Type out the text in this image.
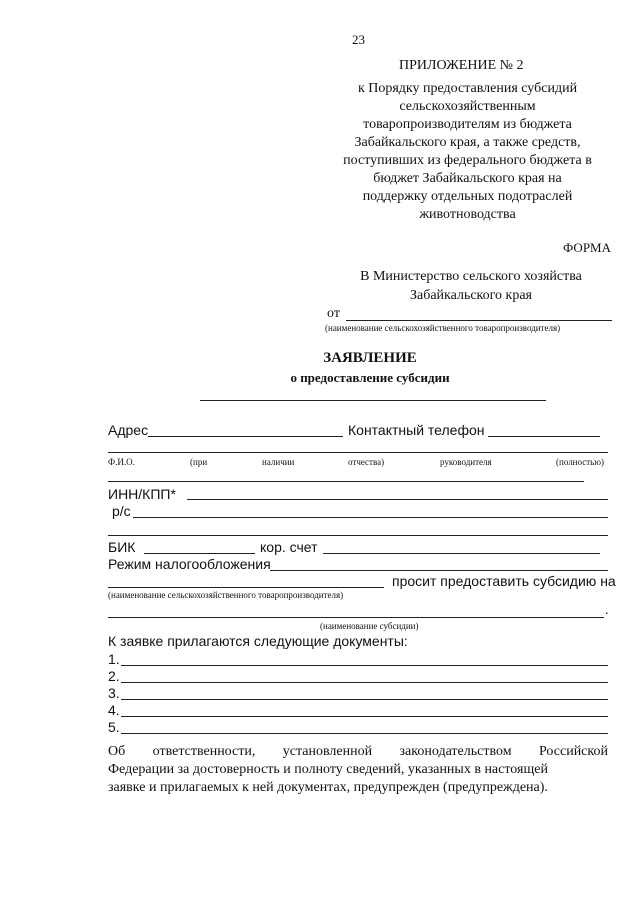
23
ПРИЛОЖЕНИЕ № 2
к Порядку предоставления субсидий
сельскохозяйственным
товаропроизводителям из бюджета
Забайкальского края, а также средств,
поступивших из федерального бюджета в
бюджет Забайкальского края на
поддержку отдельных подотраслей
животноводства
ФОРМА
В Министерство сельского хозяйства
Забайкальского края
от
(наименование сельскохозяйственного товаропроизводителя)
ЗАЯВЛЕНИЕ
о предоставление субсидии
Адрес	Контактный телефон
Ф.И.О.	(при	наличии	отчества)	руководителя	(полностью)
ИНН/КПП*
р/с
БИК	кор. счет
Режим налогообложения
просит предоставить субсидию на
(наименование сельскохозяйственного товаропроизводителя)
.
(наименование субсидии)
К заявке прилагаются следующие документы:
1.
2.
3.
4.
5.
Об ответственности, установленной законодательством Российской
Федерации за достоверность и полноту сведений, указанных в настоящей
заявке и прилагаемых к ней документах, предупрежден (предупреждена).
